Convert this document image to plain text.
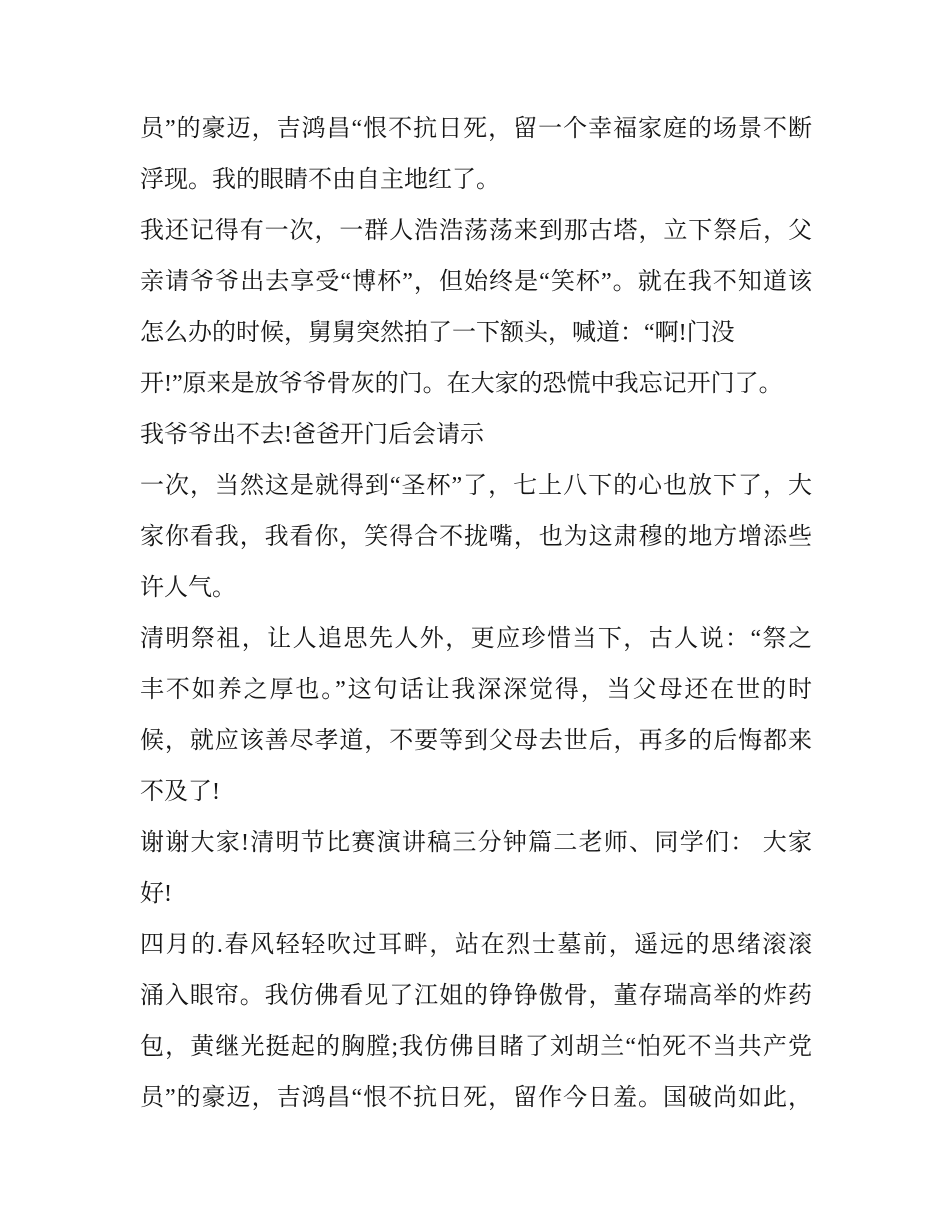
员”的豪迈，吉鸿昌“恨不抗日死，留一个幸福家庭的场景不断
浮现。我的眼睛不由自主地红了。
我还记得有一次，一群人浩浩荡荡来到那古塔，立下祭后，父
亲请爷爷出去享受“博杯”，但始终是“笑杯”。就在我不知道该
怎么办的时候，舅舅突然拍了一下额头，喊道：“啊!门没
开!”原来是放爷爷骨灰的门。在大家的恐慌中我忘记开门了。
我爷爷出不去!爸爸开门后会请示
一次，当然这是就得到“圣杯”了，七上八下的心也放下了，大
家你看我，我看你，笑得合不拢嘴，也为这肃穆的地方增添些
许人气。
清明祭祖，让人追思先人外，更应珍惜当下，古人说：“祭之
丰不如养之厚也。”这句话让我深深觉得，当父母还在世的时
候，就应该善尽孝道，不要等到父母去世后，再多的后悔都来
不及了!
谢谢大家!清明节比赛演讲稿三分钟篇二老师、同学们： 大家
好!
四月的.春风轻轻吹过耳畔，站在烈士墓前，遥远的思绪滚滚
涌入眼帘。我仿佛看见了江姐的铮铮傲骨，董存瑞高举的炸药
包，黄继光挺起的胸膛;我仿佛目睹了刘胡兰“怕死不当共产党
员”的豪迈，吉鸿昌“恨不抗日死，留作今日羞。国破尚如此，
